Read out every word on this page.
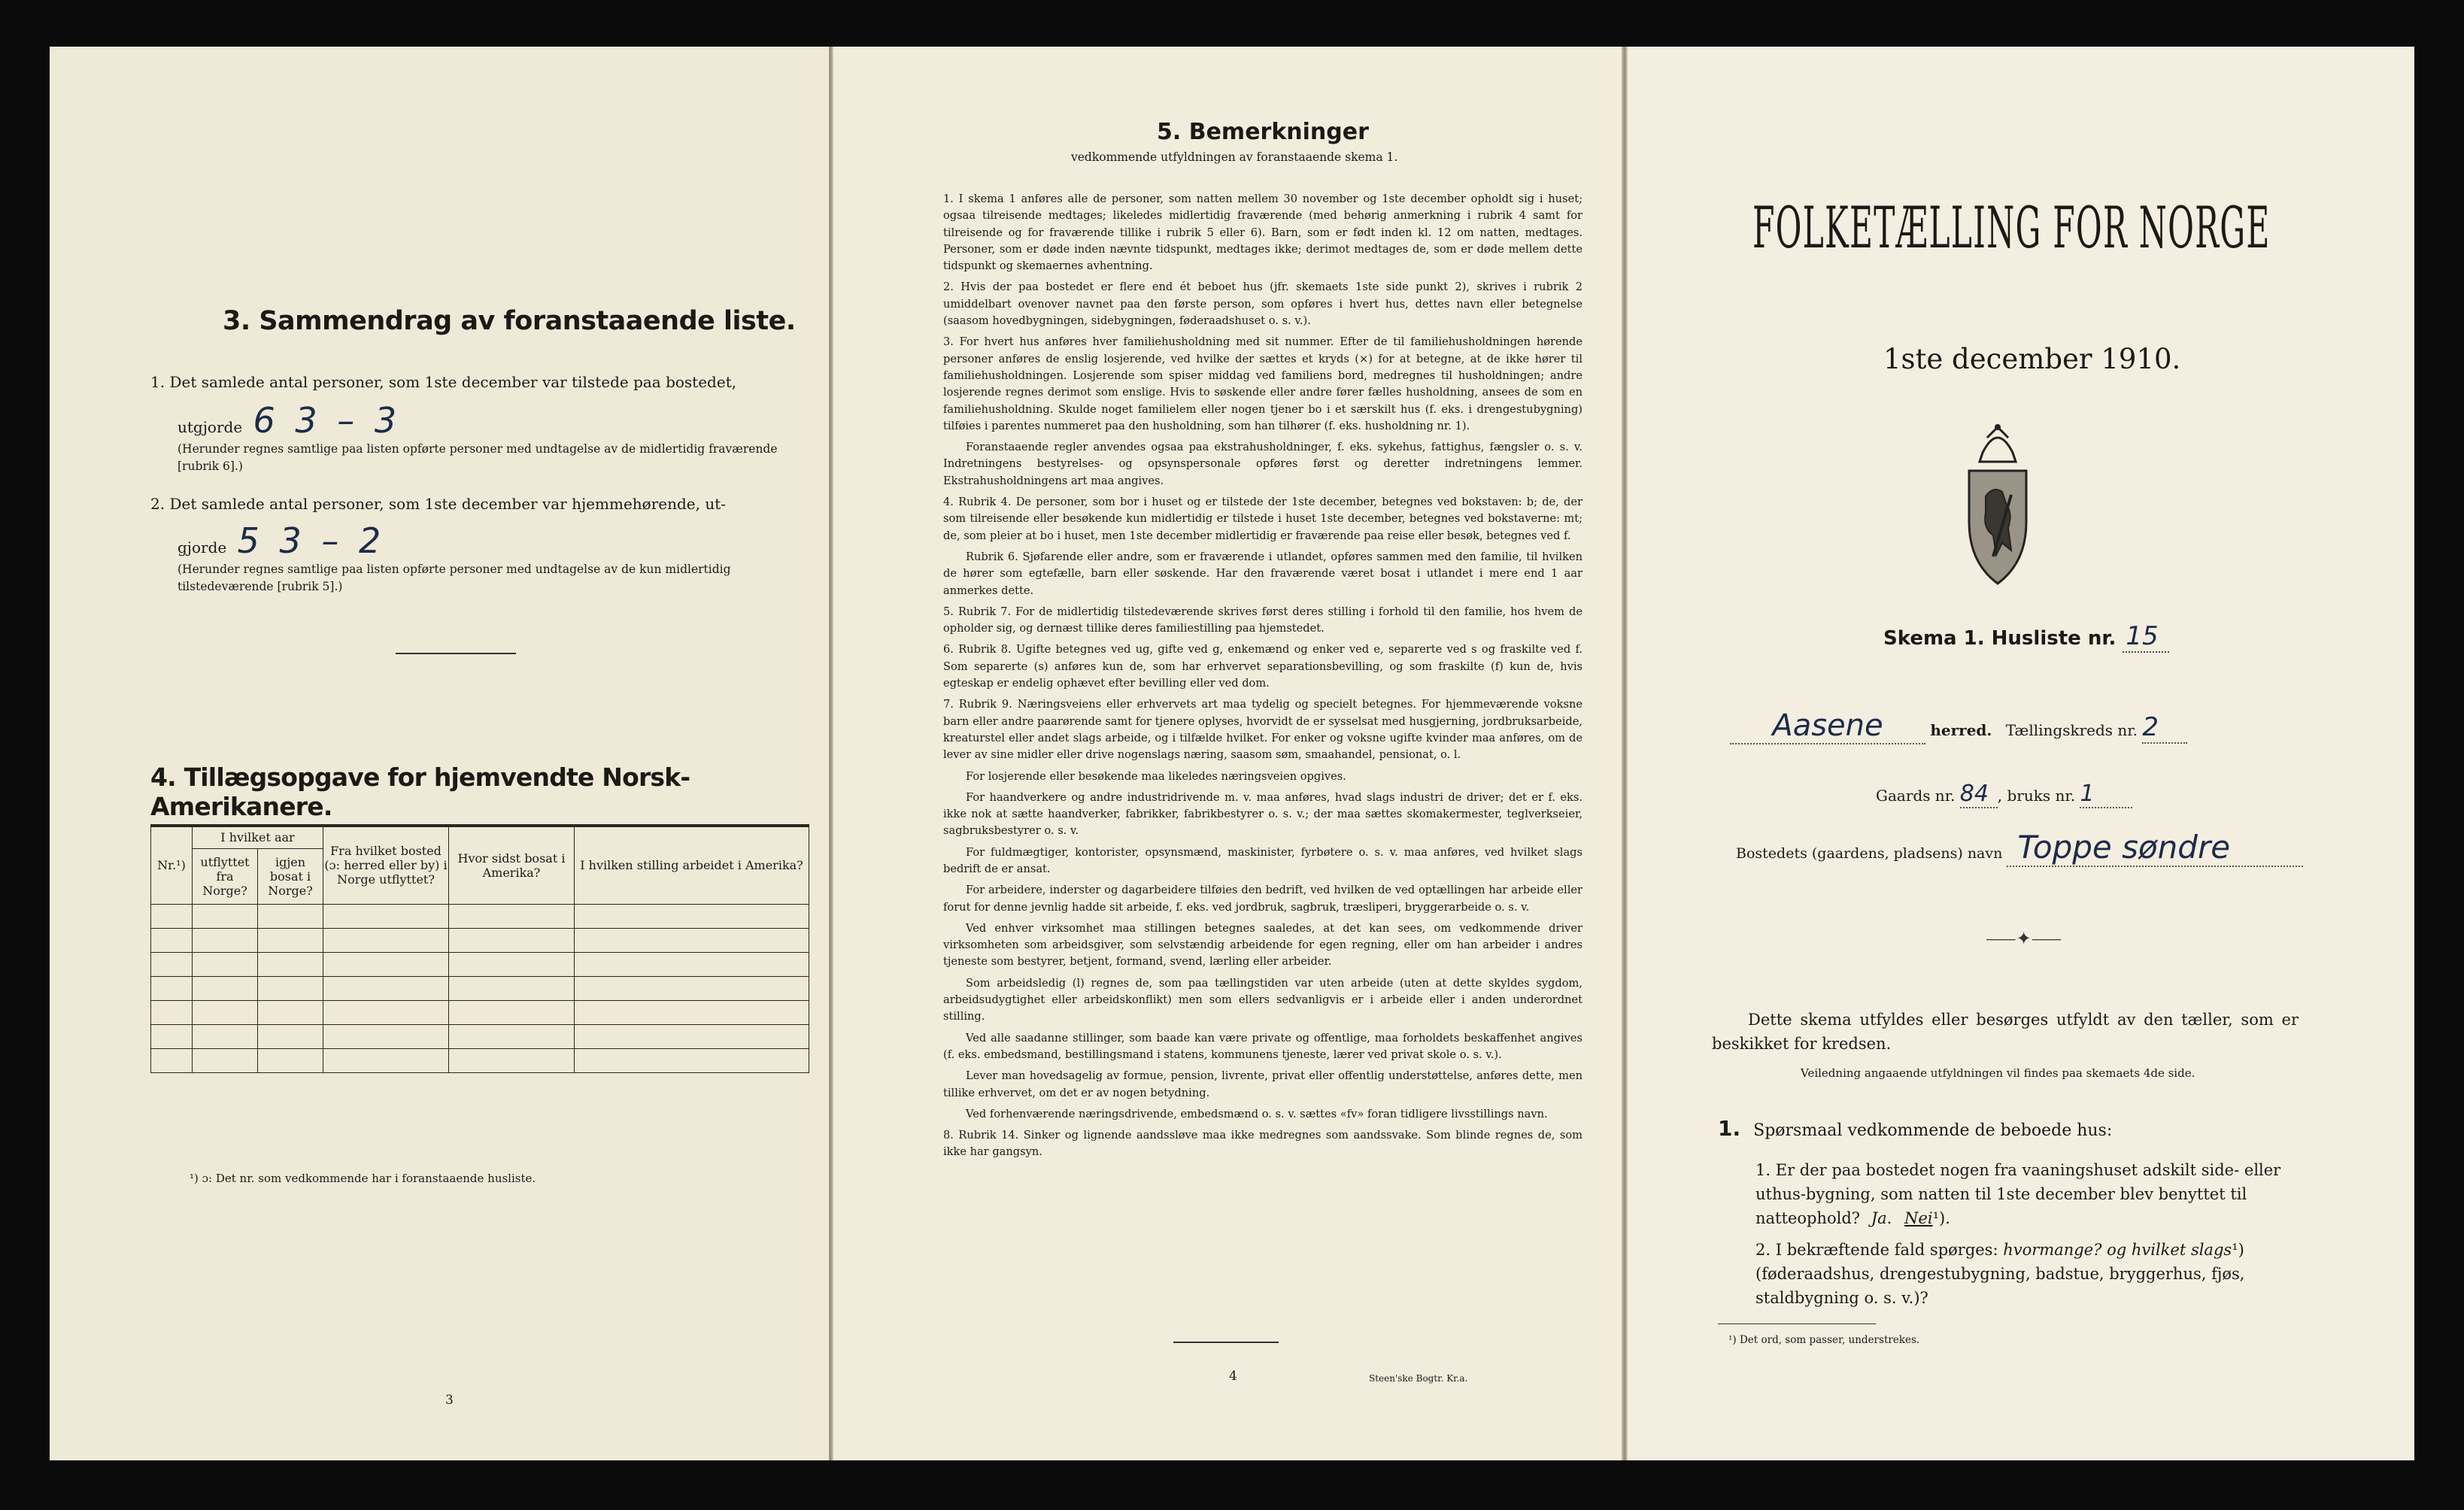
3. Sammendrag av foranstaaende liste.
1. Det samlede antal personer, som 1ste december var tilstede paa bostedet,
utgjorde 6 3 – 3
(Herunder regnes samtlige paa listen opførte personer med undtagelse av de midlertidig fraværende [rubrik 6].)
2. Det samlede antal personer, som 1ste december var hjemmehørende, ut-
gjorde 5 3 – 2
(Herunder regnes samtlige paa listen opførte personer med undtagelse av de kun midlertidig tilstedeværende [rubrik 5].)
4. Tillægsopgave for hjemvendte Norsk-Amerikanere.
Nr.¹)	I hvilket aar		Fra hvilket bosted (ɔ: herred eller by) i Norge utflyttet?	Hvor sidst bosat i Amerika?	I hvilken stilling arbeidet i Amerika?
	utflyttet fra Norge?	igjen bosat i Norge?			

¹) ɔ: Det nr. som vedkommende har i foranstaaende husliste.
3
5. Bemerkninger
vedkommende utfyldningen av foranstaaende skema 1.

1. I skema 1 anføres alle de personer, som natten mellem 30 november og 1ste december opholdt sig i huset; ogsaa tilreisende medtages; likeledes midlertidig fraværende (med behørig anmerkning i rubrik 4 samt for tilreisende og for fraværende tillike i rubrik 5 eller 6). Barn, som er født inden kl. 12 om natten, medtages. Personer, som er døde inden nævnte tidspunkt, medtages ikke; derimot medtages de, som er døde mellem dette tidspunkt og skemaernes avhentning.

2. Hvis der paa bostedet er flere end ét beboet hus (jfr. skemaets 1ste side punkt 2), skrives i rubrik 2 umiddelbart ovenover navnet paa den første person, som opføres i hvert hus, dettes navn eller betegnelse (saasom hovedbygningen, sidebygningen, føderaadshuset o. s. v.).

3. For hvert hus anføres hver familiehusholdning med sit nummer. Efter de til familiehusholdningen hørende personer anføres de enslig losjerende, ved hvilke der sættes et kryds (×) for at betegne, at de ikke hører til familiehusholdningen. Losjerende som spiser middag ved familiens bord, medregnes til husholdningen; andre losjerende regnes derimot som enslige. Hvis to søskende eller andre fører fælles husholdning, ansees de som en familiehusholdning. Skulde noget familielem eller nogen tjener bo i et særskilt hus (f. eks. i drengestubygning) tilføies i parentes nummeret paa den husholdning, som han tilhører (f. eks. husholdning nr. 1).

Foranstaaende regler anvendes ogsaa paa ekstrahusholdninger, f. eks. sykehus, fattighus, fængsler o. s. v. Indretningens bestyrelses- og opsynspersonale opføres først og deretter indretningens lemmer. Ekstrahusholdningens art maa angives.

4. Rubrik 4. De personer, som bor i huset og er tilstede der 1ste december, betegnes ved bokstaven: b; de, der som tilreisende eller besøkende kun midlertidig er tilstede i huset 1ste december, betegnes ved bokstaverne: mt; de, som pleier at bo i huset, men 1ste december midlertidig er fraværende paa reise eller besøk, betegnes ved f.

Rubrik 6. Sjøfarende eller andre, som er fraværende i utlandet, opføres sammen med den familie, til hvilken de hører som egtefælle, barn eller søskende. Har den fraværende været bosat i utlandet i mere end 1 aar anmerkes dette.

5. Rubrik 7. For de midlertidig tilstedeværende skrives først deres stilling i forhold til den familie, hos hvem de opholder sig, og dernæst tillike deres familiestilling paa hjemstedet.

6. Rubrik 8. Ugifte betegnes ved ug, gifte ved g, enkemænd og enker ved e, separerte ved s og fraskilte ved f. Som separerte (s) anføres kun de, som har erhvervet separationsbevilling, og som fraskilte (f) kun de, hvis egteskap er endelig ophævet efter bevilling eller ved dom.

7. Rubrik 9. Næringsveiens eller erhvervets art maa tydelig og specielt betegnes. For hjemmeværende voksne barn eller andre paarørende samt for tjenere oplyses, hvorvidt de er sysselsat med husgjerning, jordbruksarbeide, kreaturstel eller andet slags arbeide, og i tilfælde hvilket. For enker og voksne ugifte kvinder maa anføres, om de lever av sine midler eller drive nogenslags næring, saasom søm, smaahandel, pensionat, o. l.

For losjerende eller besøkende maa likeledes næringsveien opgives.

For haandverkere og andre industridrivende m. v. maa anføres, hvad slags industri de driver; det er f. eks. ikke nok at sætte haandverker, fabrikker, fabrikbestyrer o. s. v.; der maa sættes skomakermester, teglverkseier, sagbruksbestyrer o. s. v.

For fuldmægtiger, kontorister, opsynsmænd, maskinister, fyrbøtere o. s. v. maa anføres, ved hvilket slags bedrift de er ansat.

For arbeidere, inderster og dagarbeidere tilføies den bedrift, ved hvilken de ved optællingen har arbeide eller forut for denne jevnlig hadde sit arbeide, f. eks. ved jordbruk, sagbruk, træsliperi, bryggerarbeide o. s. v.

Ved enhver virksomhet maa stillingen betegnes saaledes, at det kan sees, om vedkommende driver virksomheten som arbeidsgiver, som selvstændig arbeidende for egen regning, eller om han arbeider i andres tjeneste som bestyrer, betjent, formand, svend, lærling eller arbeider.

Som arbeidsledig (l) regnes de, som paa tællingstiden var uten arbeide (uten at dette skyldes sygdom, arbeidsudygtighet eller arbeidskonflikt) men som ellers sedvanligvis er i arbeide eller i anden underordnet stilling.

Ved alle saadanne stillinger, som baade kan være private og offentlige, maa forholdets beskaffenhet angives (f. eks. embedsmand, bestillingsmand i statens, kommunens tjeneste, lærer ved privat skole o. s. v.).

Lever man hovedsagelig av formue, pension, livrente, privat eller offentlig understøttelse, anføres dette, men tillike erhvervet, om det er av nogen betydning.

Ved forhenværende næringsdrivende, embedsmænd o. s. v. sættes «fv» foran tidligere livsstillings navn.

8. Rubrik 14. Sinker og lignende aandssløve maa ikke medregnes som aandssvake. Som blinde regnes de, som ikke har gangsyn.

4	Steen'ske Bogtr. Kr.a.
FOLKETÆLLING FOR NORGE
1ste december 1910.
Skema 1. Husliste nr. 15
Aasene	herred. Tællingskreds nr. 2
Gaards nr. 84 , bruks nr. 1
Bostedets (gaardens, pladsens) navn Toppe søndre
⸺✦⸺
Dette skema utfyldes eller besørges utfyldt av den tæller, som er beskikket for kredsen.
Veiledning angaaende utfyldningen vil findes paa skemaets 4de side.
1. Spørsmaal vedkommende de beboede hus:
1. Er der paa bostedet nogen fra vaaningshuset adskilt side- eller uthus-bygning, som natten til 1ste december blev benyttet til natteophold? Ja. Nei¹).
2. I bekræftende fald spørges: hvormange? og hvilket slags¹) (føderaadshus, drengestubygning, badstue, bryggerhus, fjøs, staldbygning o. s. v.)?
¹) Det ord, som passer, understrekes.
